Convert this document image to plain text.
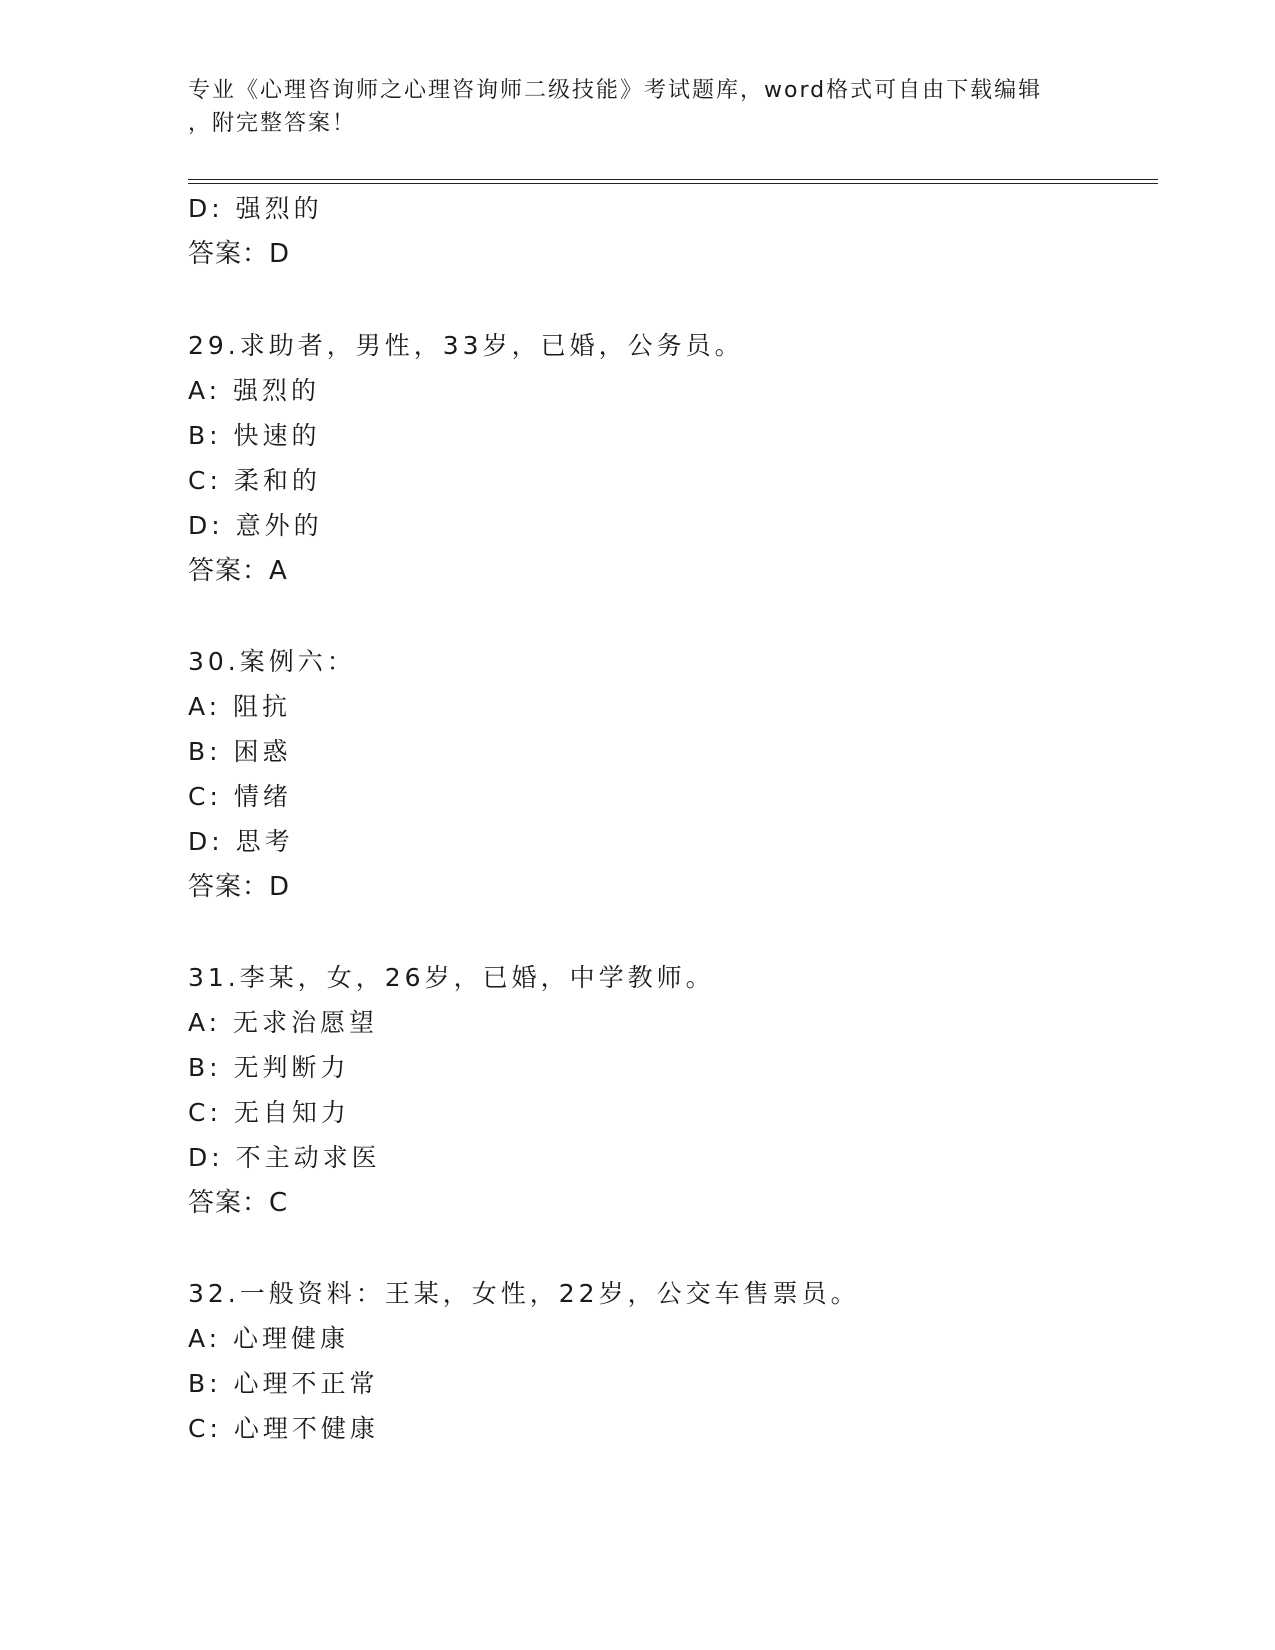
专业《心理咨询师之心理咨询师二级技能》考试题库，word格式可自由下载编辑
，附完整答案！
D: 强烈的
答案：D
29.求助者，男性，33岁，已婚，公务员。
A: 强烈的
B: 快速的
C: 柔和的
D: 意外的
答案：A
30.案例六：
A: 阻抗
B: 困惑
C: 情绪
D: 思考
答案：D
31.李某，女，26岁，已婚，中学教师。
A: 无求治愿望
B: 无判断力
C: 无自知力
D: 不主动求医
答案：C
32.一般资料：王某，女性，22岁，公交车售票员。
A: 心理健康
B: 心理不正常
C: 心理不健康
